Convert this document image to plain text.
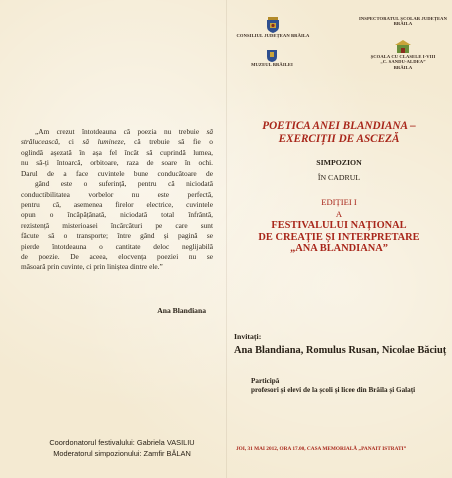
CONSILIUL JUDEȚEAN BRĂILA
MUZEUL BRĂILEI
INSPECTORATUL ȘCOLAR JUDEȚEAN
BRĂILA
ȘCOALA CU CLASELE I-VIII
„C. SANDU-ALDEA”
BRĂILA
„Am crezut întotdeauna că poezia nu trebuie să
strălucească, ci să lumineze, că trebuie să fie o
oglindă așezată în așa fel încât să cuprindă lumea,
nu să-ți întoarcă, orbitoare, raza de soare în ochi.
Darul de a face cuvintele bune conducătoare de
gând este o suferință, pentru că niciodată
conductibilitatea vorbelor nu este perfectă,
pentru că, asemenea firelor electrice, cuvintele
opun o încăpățânată, niciodată total înfrântă,
rezistență misterioasei încărcături pe care sunt
făcute să o transporte; între gând și pagină se
pierde întotdeauna o cantitate deloc neglijabilă
de poezie. De aceea, elocvența poeziei nu se
măsoară prin cuvinte, ci prin liniștea dintre ele.”
Ana Blandiana
Coordonatorul festivalului: Gabriela VASILIU
Moderatorul simpozionului: Zamfir BĂLAN
POETICA ANEI BLANDIANA –
EXERCIȚII DE ASCEZĂ
SIMPOZION
ÎN CADRUL
EDIȚIEI I
A
FESTIVALULUI NAȚIONAL
DE CREAȚIE ȘI INTERPRETARE
„ANA BLANDIANA”
Invitați:
Ana Blandiana, Romulus Rusan, Nicolae Băciuț
Participă
profesori și elevi de la școli și licee din Brăila și Galați
JOI, 31 MAI 2012, ORA 17.00, CASA MEMORIALĂ „PANAIT ISTRATI”
